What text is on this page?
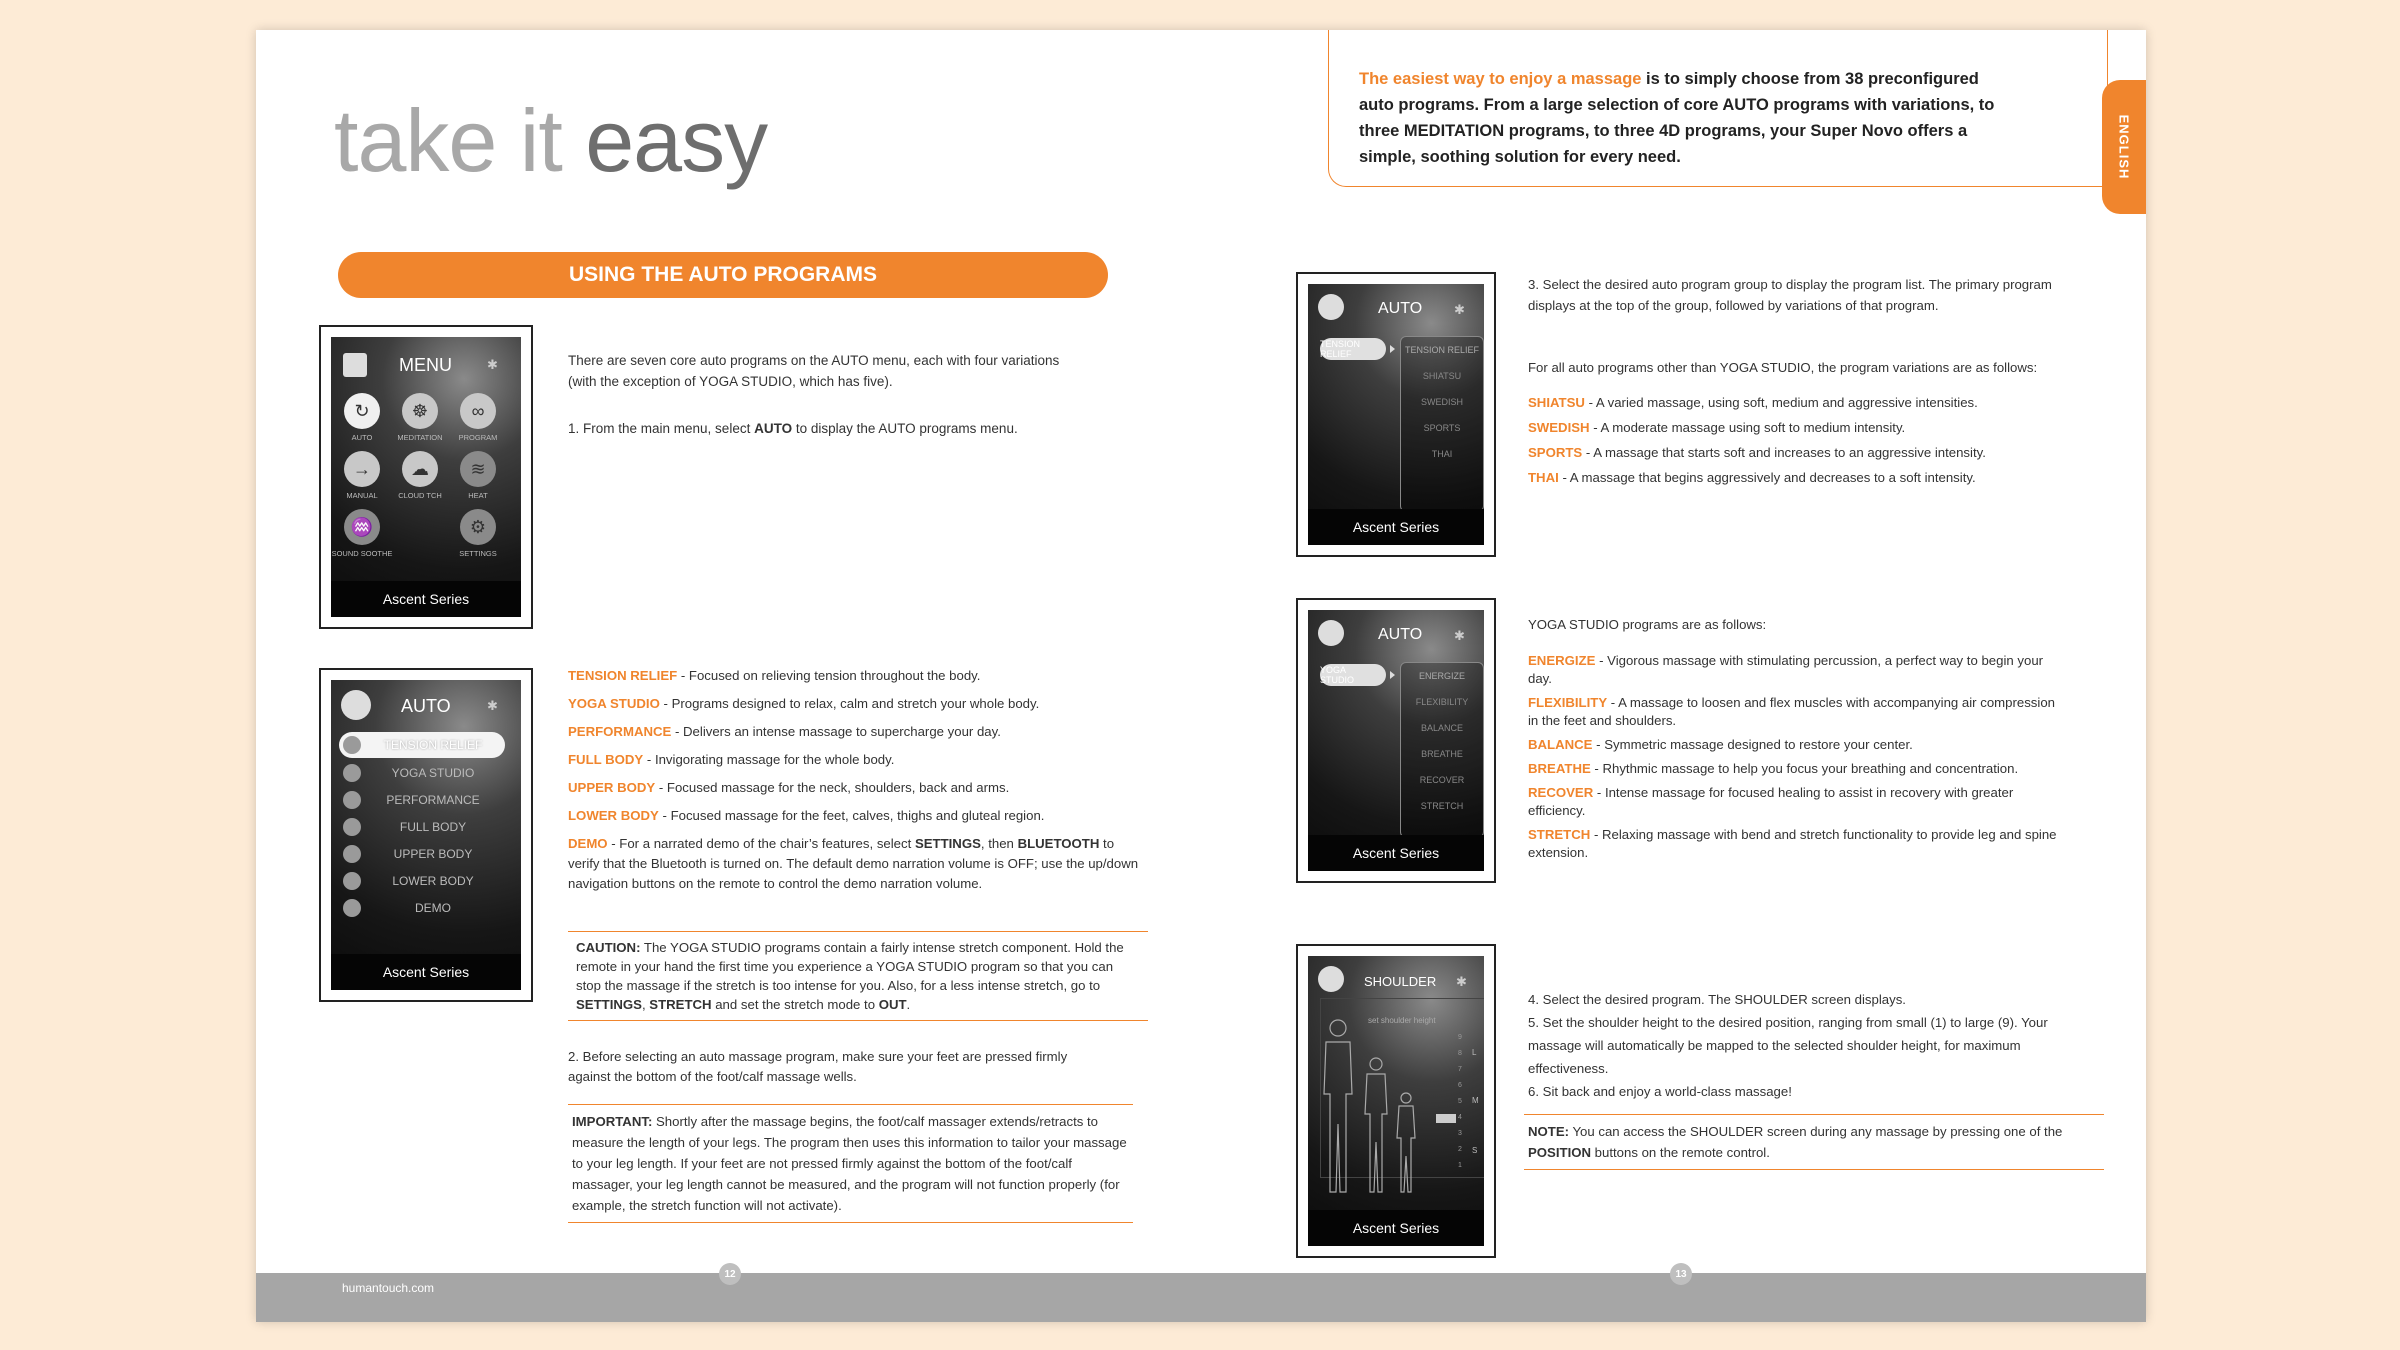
take it easy
The easiest way to enjoy a massage is to simply choose from 38 preconfigured auto programs. From a large selection of core AUTO programs with variations, to three MEDITATION programs, to three 4D programs, your Super Novo offers a simple, soothing solution for every need.	ENGLISH
USING THE AUTO PROGRAMS
MENU	✱
↻
AUTO
☸
MEDITATION
∞
PROGRAM
→
MANUAL
☁
CLOUD TCH
≋
HEAT
♒
SOUND SOOTHE
⚙
SETTINGS
Ascent Series
AUTO	✱
TENSION RELIEF
YOGA STUDIO
PERFORMANCE
FULL BODY
UPPER BODY
LOWER BODY
DEMO
Ascent Series
There are seven core auto programs on the AUTO menu, each with four variations (with the exception of YOGA STUDIO, which has five).
1. From the main menu, select AUTO to display the AUTO programs menu.
TENSION RELIEF - Focused on relieving tension throughout the body.
YOGA STUDIO - Programs designed to relax, calm and stretch your whole body.
PERFORMANCE - Delivers an intense massage to supercharge your day.
FULL BODY - Invigorating massage for the whole body.
UPPER BODY - Focused massage for the neck, shoulders, back and arms.
LOWER BODY - Focused massage for the feet, calves, thighs and gluteal region.
DEMO - For a narrated demo of the chair’s features, select SETTINGS, then BLUETOOTH to verify that the Bluetooth is turned on. The default demo narration volume is OFF; use the up/down navigation buttons on the remote to control the demo narration volume.
CAUTION: The YOGA STUDIO programs contain a fairly intense stretch component. Hold the remote in your hand the first time you experience a YOGA STUDIO program so that you can stop the massage if the stretch is too intense for you. Also, for a less intense stretch, go to SETTINGS, STRETCH and set the stretch mode to OUT.
2. Before selecting an auto massage program, make sure your feet are pressed firmly against the bottom of the foot/calf massage wells.
IMPORTANT: Shortly after the massage begins, the foot/calf massager extends/retracts to measure the length of your legs. The program then uses this information to tailor your massage to your leg length. If your feet are not pressed firmly against the bottom of the foot/calf massager, your leg length cannot be measured, and the program will not function properly (for example, the stretch function will not activate).
AUTO ✱
TENSION RELIEF	TENSION RELIEF
SHIATSU
SWEDISH
SPORTS
THAI
Ascent Series
AUTO ✱
YOGA STUDIO	ENERGIZE
FLEXIBILITY
BALANCE
BREATHE
RECOVER
STRETCH
Ascent Series
SHOULDER ✱
set shoulder height
9
8
7
6
5
4
3
2
1
L
M
S
Ascent Series
3. Select the desired auto program group to display the program list. The primary program displays at the top of the group, followed by variations of that program.
For all auto programs other than YOGA STUDIO, the program variations are as follows:
SHIATSU - A varied massage, using soft, medium and aggressive intensities.
SWEDISH - A moderate massage using soft to medium intensity.
SPORTS - A massage that starts soft and increases to an aggressive intensity.
THAI - A massage that begins aggressively and decreases to a soft intensity.
YOGA STUDIO programs are as follows:
ENERGIZE - Vigorous massage with stimulating percussion, a perfect way to begin your day.
FLEXIBILITY - A massage to loosen and flex muscles with accompanying air compression in the feet and shoulders.
BALANCE - Symmetric massage designed to restore your center.
BREATHE - Rhythmic massage to help you focus your breathing and concentration.
RECOVER - Intense massage for focused healing to assist in recovery with greater efficiency.
STRETCH - Relaxing massage with bend and stretch functionality to provide leg and spine extension.
4. Select the desired program. The SHOULDER screen displays.
5. Set the shoulder height to the desired position, ranging from small (1) to large (9). Your massage will automatically be mapped to the selected shoulder height, for maximum effectiveness.
6. Sit back and enjoy a world-class massage!
NOTE: You can access the SHOULDER screen during any massage by pressing one of the POSITION buttons on the remote control.
humantouch.com
12	13
